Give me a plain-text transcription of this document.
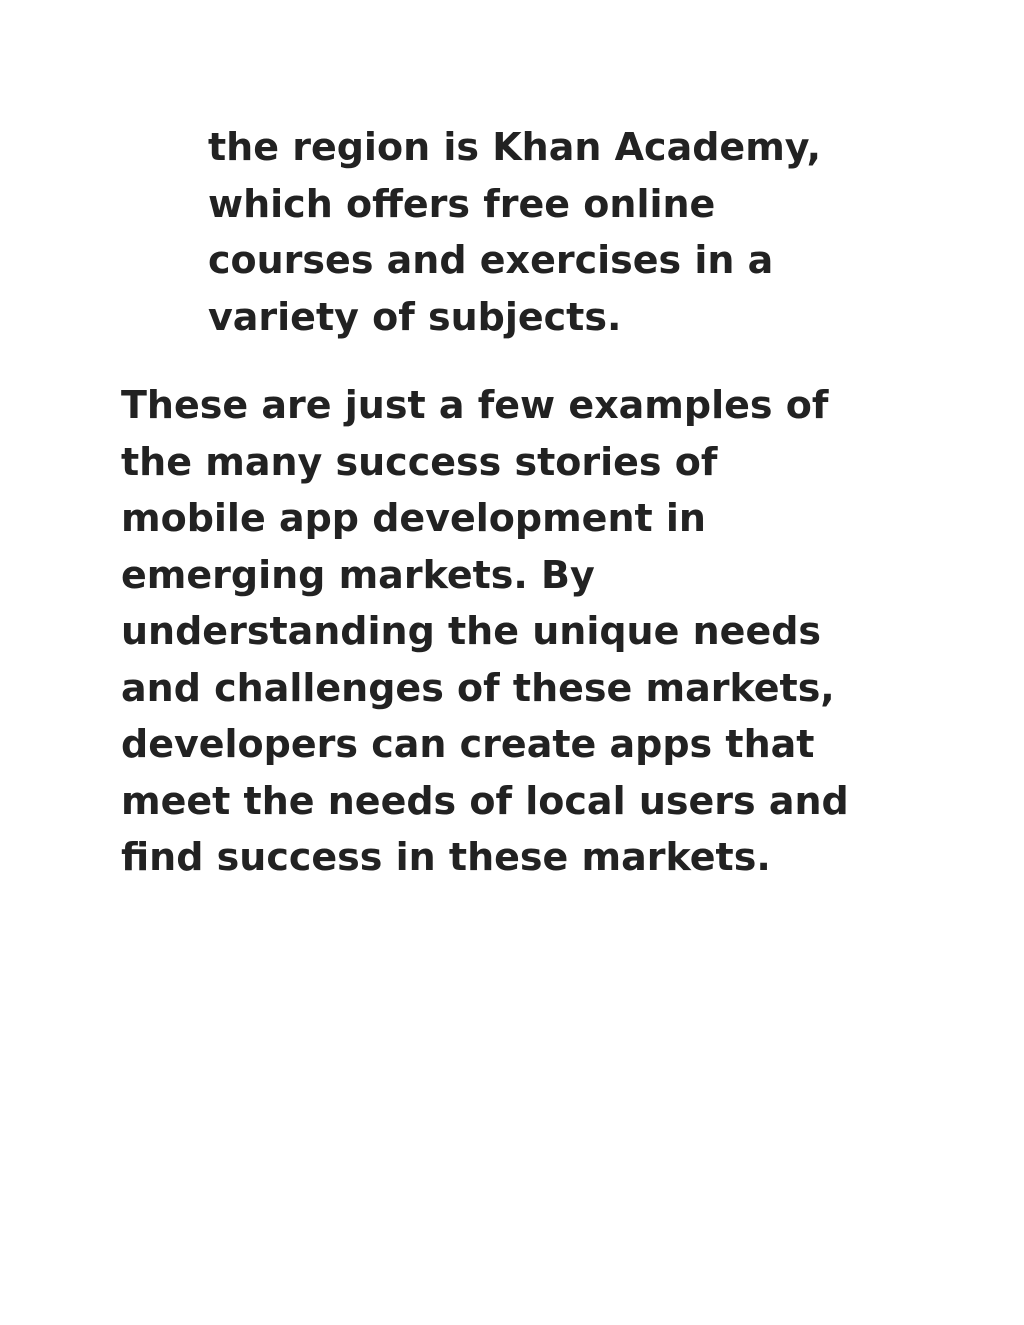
the region is Khan Academy,
which offers free online
courses and exercises in a
variety of subjects.

These are just a few examples of
the many success stories of
mobile app development in
emerging markets. By
understanding the unique needs
and challenges of these markets,
developers can create apps that
meet the needs of local users and
find success in these markets.
